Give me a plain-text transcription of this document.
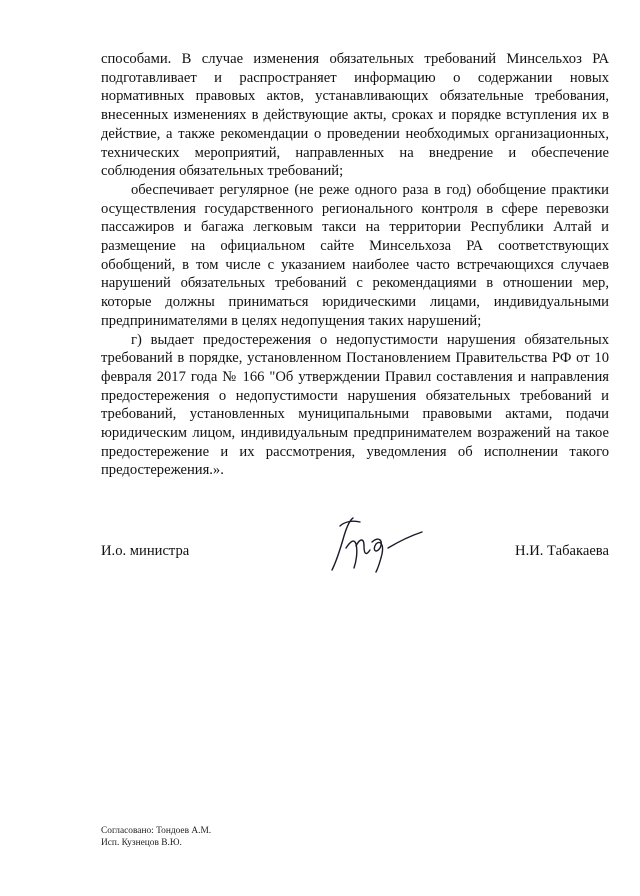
способами. В случае изменения обязательных требований Минсельхоз РА подготавливает и распространяет информацию о содержании новых нормативных правовых актов, устанавливающих обязательные требования, внесенных изменениях в действующие акты, сроках и порядке вступления их в действие, а также рекомендации о проведении необходимых организационных, технических мероприятий, направленных на внедрение и обеспечение соблюдения обязательных требований;

обеспечивает регулярное (не реже одного раза в год) обобщение практики осуществления государственного регионального контроля в сфере перевозки пассажиров и багажа легковым такси на территории Республики Алтай и размещение на официальном сайте Минсельхоза РА соответствующих обобщений, в том числе с указанием наиболее часто встречающихся случаев нарушений обязательных требований с рекомендациями в отношении мер, которые должны приниматься юридическими лицами, индивидуальными предпринимателями в целях недопущения таких нарушений;

г) выдает предостережения о недопустимости нарушения обязательных требований в порядке, установленном Постановлением Правительства РФ от 10 февраля 2017 года № 166 "Об утверждении Правил составления и направления предостережения о недопустимости нарушения обязательных требований и требований, установленных муниципальными правовыми актами, подачи юридическим лицом, индивидуальным предпринимателем возражений на такое предостережение и их рассмотрения, уведомления об исполнении такого предостережения.».

И.о. министра	Н.И. Табакаева
Согласовано: Тондоев А.М.
Исп. Кузнецов В.Ю.
